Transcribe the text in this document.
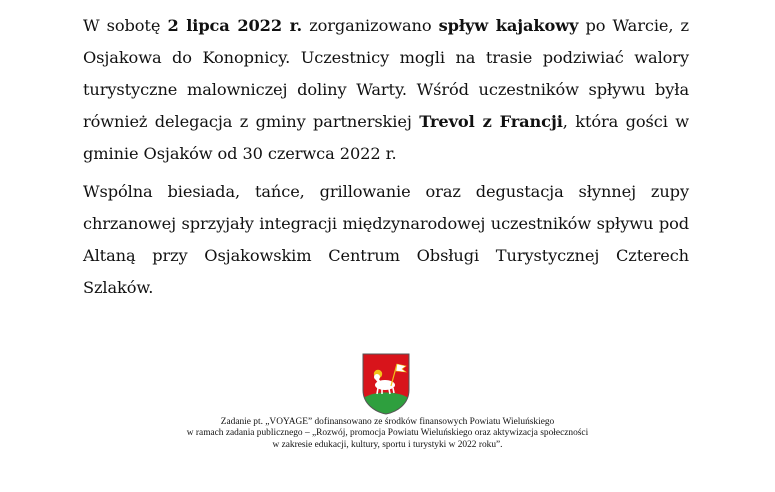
W sobotę 2 lipca 2022 r. zorganizowano spływ kajakowy po Warcie, z Osjakowa do Konopnicy. Uczestnicy mogli na trasie podziwiać walory turystyczne malowniczej doliny Warty. Wśród uczestników spływu była również delegacja z gminy partnerskiej Trevol z Francji, która gości w gminie Osjaków od 30 czerwca 2022 r.

Wspólna biesiada, tańce, grillowanie oraz degustacja słynnej zupy chrzanowej sprzyjały integracji międzynarodowej uczestników spływu pod Altaną przy Osjakowskim Centrum Obsługi Turystycznej Czterech Szlaków.

Zadanie pt. „VOYAGE” dofinansowano ze środków finansowych Powiatu Wieluńskiego
w ramach zadania publicznego – „Rozwój, promocja Powiatu Wieluńskiego oraz aktywizacja społeczności
w zakresie edukacji, kultury, sportu i turystyki w 2022 roku”.
